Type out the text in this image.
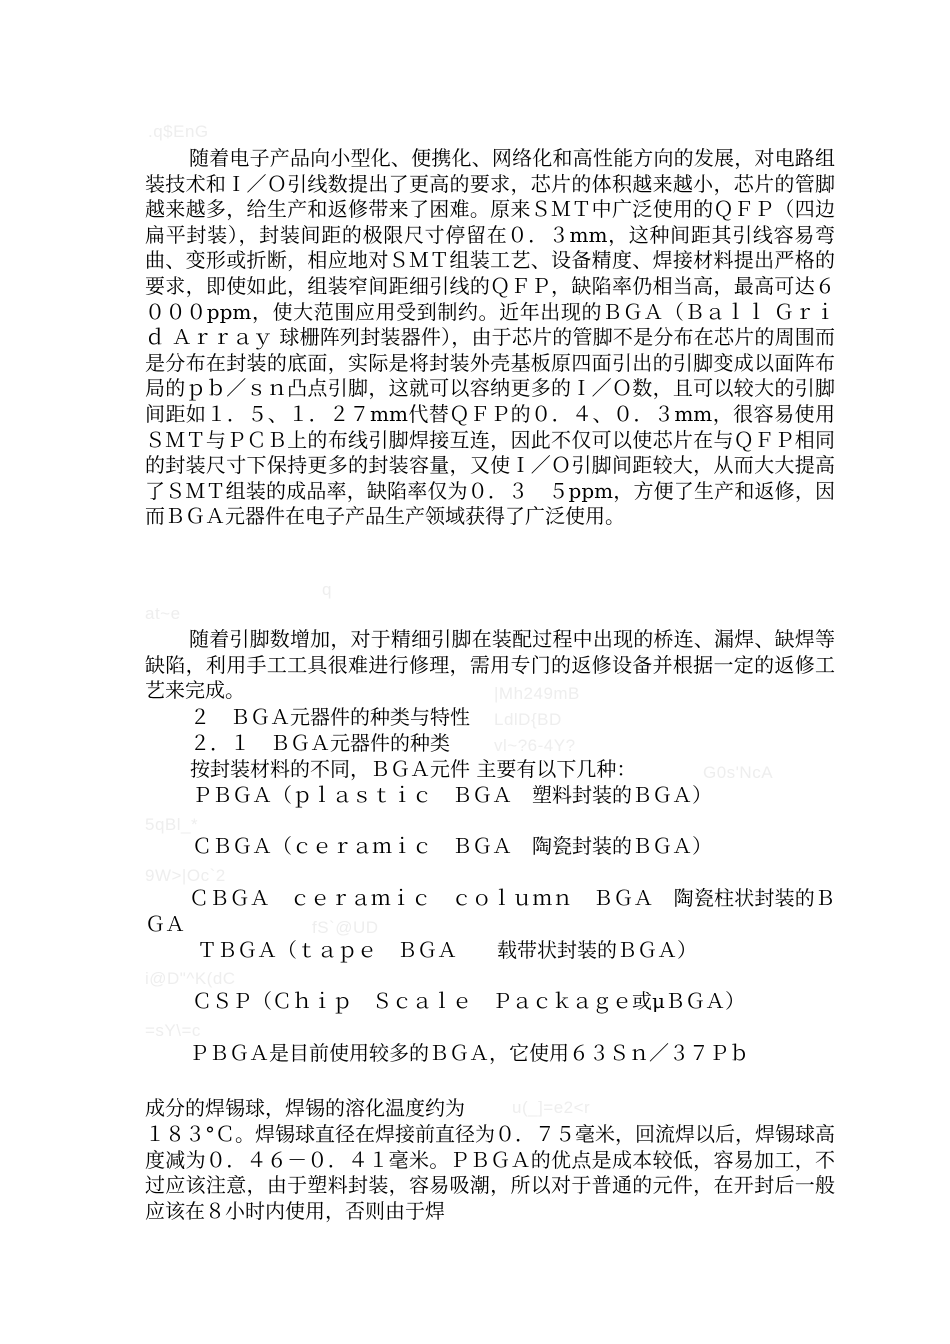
.q$EnG
q
at~e
|Mh249mB
LdlD{BD
vl~?6-4Y?
G0s'NcA
5qBl_*
9W>|Oc`2
fS`@UD
i@D"^K(dC
=sY\=c
u(_]=e2<r

随着电子产品向小型化、便携化、网络化和高性能方向的发展，对电路组装技术和Ｉ／Ｏ引线数提出了更高的要求，芯片的体积越来越小，芯片的管脚越来越多，给生产和返修带来了困难。原来ＳＭＴ中广泛使用的ＱＦＰ（四边扁平封装），封装间距的极限尺寸停留在０．３mm，这种间距其引线容易弯曲、变形或折断，相应地对ＳＭＴ组装工艺、设备精度、焊接材料提出严格的要求，即使如此，组装窄间距细引线的ＱＦＰ，缺陷率仍相当高，最高可达６０００ppm，使大范围应用受到制约。近年出现的ＢＧＡ（Ｂａｌｌ Ｇｒｉｄ Ａｒｒａｙ 球栅阵列封装器件），由于芯片的管脚不是分布在芯片的周围而是分布在封装的底面，实际是将封装外壳基板原四面引出的引脚变成以面阵布局的ｐｂ／ｓｎ凸点引脚，这就可以容纳更多的Ｉ／Ｏ数，且可以较大的引脚间距如１．５、１．２７mm代替ＱＦＰ的０．４、０．３mm，很容易使用ＳＭＴ与ＰＣＢ上的布线引脚焊接互连，因此不仅可以使芯片在与ＱＦＰ相同的封装尺寸下保持更多的封装容量，又使Ｉ／Ｏ引脚间距较大，从而大大提高了ＳＭＴ组装的成品率，缺陷率仅为０．３　５ppm，方便了生产和返修，因而ＢＧＡ元器件在电子产品生产领域获得了广泛使用。

随着引脚数增加，对于精细引脚在装配过程中出现的桥连、漏焊、缺焊等缺陷，利用手工工具很难进行修理，需用专门的返修设备并根据一定的返修工艺来完成。

２　ＢＧＡ元器件的种类与特性

２．１　ＢＧＡ元器件的种类

按封装材料的不同，ＢＧＡ元件 主要有以下几种：

ＰＢＧＡ（ｐｌａｓｔｉｃ　ＢＧＡ　塑料封装的ＢＧＡ）

ＣＢＧＡ（ｃｅｒａｍｉｃ　ＢＧＡ　陶瓷封装的ＢＧＡ）

ＣＢＧＡ　ｃｅｒａｍｉｃ　ｃｏｌｕｍｎ　ＢＧＡ　陶瓷柱状封装的ＢＧＡ

ＴＢＧＡ（ｔａｐｅ　ＢＧＡ　　载带状封装的ＢＧＡ）

ＣＳＰ（Ｃｈｉｐ　Ｓｃａｌｅ　Ｐａｃｋａｇｅ或μＢＧＡ）

ＰＢＧＡ是目前使用较多的ＢＧＡ，它使用６３Ｓｎ／３７Ｐｂ

成分的焊锡球，焊锡的溶化温度约为

１８３°Ｃ。焊锡球直径在焊接前直径为０．７５毫米，回流焊以后，焊锡球高度减为０．４６－０．４１毫米。ＰＢＧＡ的优点是成本较低，容易加工，不过应该注意，由于塑料封装，容易吸潮，所以对于普通的元件，在开封后一般应该在８小时内使用，否则由于焊
